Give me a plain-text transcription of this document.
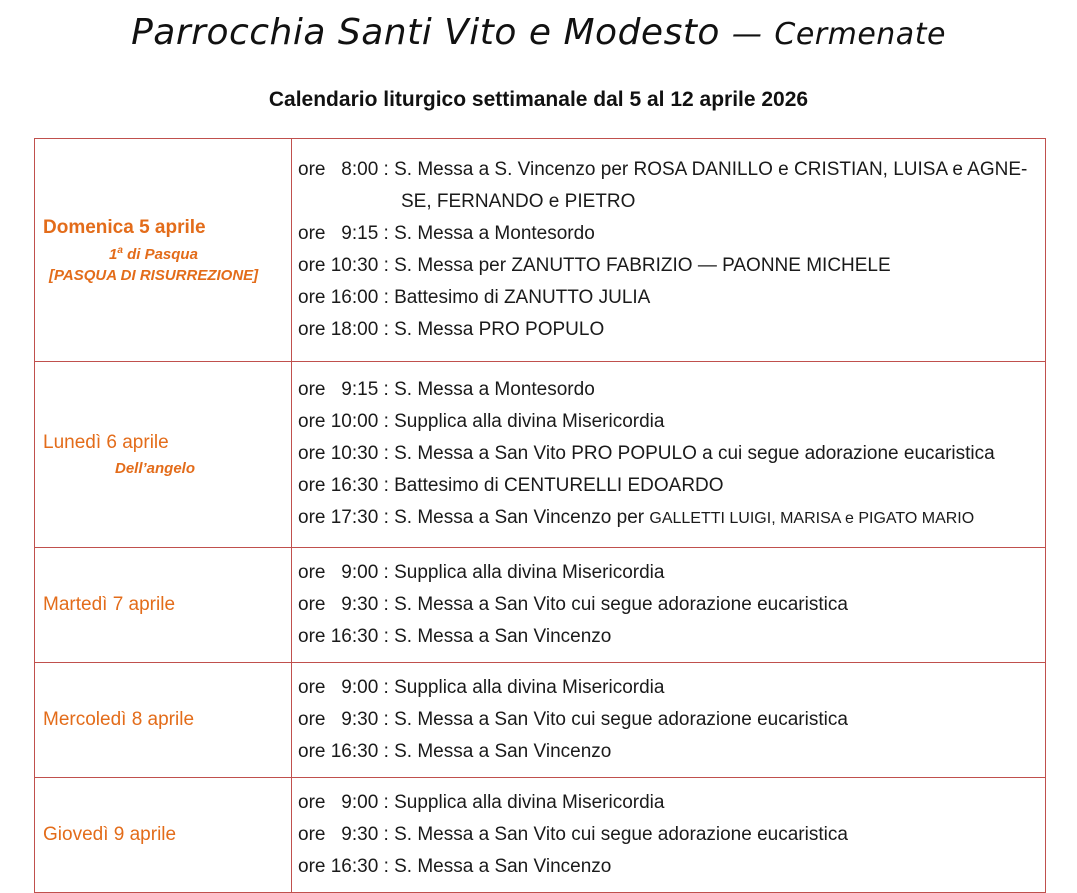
Parrocchia Santi Vito e Modesto — Cermenate
Calendario liturgico settimanale dal 5 al 12 aprile 2026
Domenica 5 aprile
1$^a$ di Pasqua
[PASQUA DI RISURREZIONE]

ore   8:00 : S. Messa a S. Vincenzo per ROSA DANILLO e CRISTIAN, LUISA e AGNE-
SE, FERNANDO e PIETRO
ore   9:15 : S. Messa a Montesordo
ore 10:30 : S. Messa per ZANUTTO FABRIZIO — PAONNE MICHELE
ore 16:00 : Battesimo di ZANUTTO JULIA
ore 18:00 : S. Messa PRO POPULO

Lunedì 6 aprile
Dell’angelo

ore   9:15 : S. Messa a Montesordo
ore 10:00 : Supplica alla divina Misericordia
ore 10:30 : S. Messa a San Vito PRO POPULO a cui segue adorazione eucaristica
ore 16:30 : Battesimo di CENTURELLI EDOARDO
ore 17:30 : S. Messa a San Vincenzo per GALLETTI LUIGI, MARISA e PIGATO MARIO

Martedì 7 aprile	ore   9:00 : Supplica alla divina Misericordia
ore   9:30 : S. Messa a San Vito cui segue adorazione eucaristica
ore 16:30 : S. Messa a San Vincenzo

Mercoledì 8 aprile	ore   9:00 : Supplica alla divina Misericordia
ore   9:30 : S. Messa a San Vito cui segue adorazione eucaristica
ore 16:30 : S. Messa a San Vincenzo

Giovedì 9 aprile	ore   9:00 : Supplica alla divina Misericordia
ore   9:30 : S. Messa a San Vito cui segue adorazione eucaristica
ore 16:30 : S. Messa a San Vincenzo
